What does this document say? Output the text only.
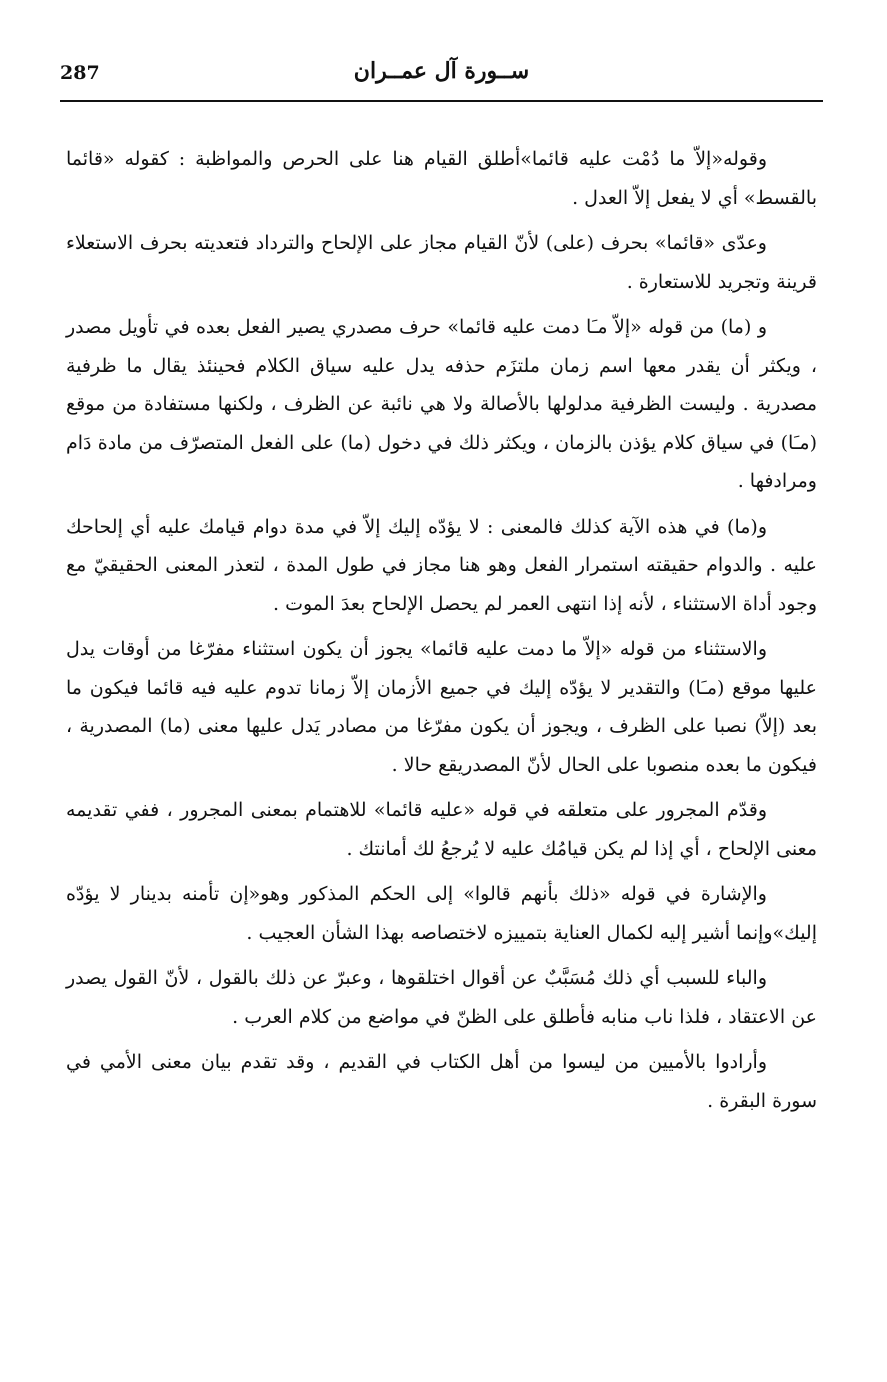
287	ســورة آل عمــران

وقوله«إلاّ ما دُمْت عليه قائما»أطلق القيام هنا على الحرص والمواظبة : كقوله «قائما بالقسط» أي لا يفعل إلاّ العدل .

وعدّى «قائما» بحرف (على) لأنّ القيام مجاز على الإلحاح والترداد فتعديته بحرف الاستعلاء قرينة وتجريد للاستعارة .

و (ما) من قوله «إلاّ مـَا دمت عليه قائما» حرف مصدري يصير الفعل بعده في تأويل مصدر ، ويكثر أن يقدر معها اسم زمان ملتزَم حذفه يدل عليه سياق الكلام فحينئذ يقال ما ظرفية مصدرية . وليست الظرفية مدلولها بالأصالة ولا هي نائبة عن الظرف ، ولكنها مستفادة من موقع (مـَا) في سياق كلام يؤذن بالزمان ، ويكثر ذلك في دخول (ما) على الفعل المتصرّف من مادة دَام ومرادفها .

و(ما) في هذه الآية كذلك فالمعنى : لا يؤدّه إليك إلاّ في مدة دوام قيامك عليه أي إلحاحك عليه . والدوام حقيقته استمرار الفعل وهو هنا مجاز في طول المدة ، لتعذر المعنى الحقيقيّ مع وجود أداة الاستثناء ، لأنه إذا انتهى العمر لم يحصل الإلحاح بعدَ الموت .

والاستثناء من قوله «إلاّ ما دمت عليه قائما» يجوز أن يكون استثناء مفرّغا من أوقات يدل عليها موقع (مـَا) والتقدير لا يؤدّه إليك في جميع الأزمان إلاّ زمانا تدوم عليه فيه قائما فيكون ما بعد (إلاّ) نصبا على الظرف ، ويجوز أن يكون مفرّغا من مصادر يَدل عليها معنى (ما) المصدرية ، فيكون ما بعده منصوبا على الحال لأنّ المصدريقع حالا .

وقدّم المجرور على متعلقه في قوله «عليه قائما» للاهتمام بمعنى المجرور ، ففي تقديمه معنى الإلحاح ، أي إذا لم يكن قيامُك عليه لا يُرجعُ لك أمانتك .

والإشارة في قوله «ذلك بأنهم قالوا» إلى الحكم المذكور وهو«إن تأمنه بدينار لا يؤدّه إليك»وإنما أشير إليه لكمال العناية بتمييزه لاختصاصه بهذا الشأن العجيب .

والباء للسبب أي ذلك مُسَبَّبٌ عن أقوال اختلقوها ، وعبرّ عن ذلك بالقول ، لأنّ القول يصدر عن الاعتقاد ، فلذا ناب منابه فأطلق على الظنّ في مواضع من كلام العرب .

وأرادوا بالأميين من ليسوا من أهل الكتاب في القديم ، وقد تقدم بيان معنى الأمي في سورة البقرة .
